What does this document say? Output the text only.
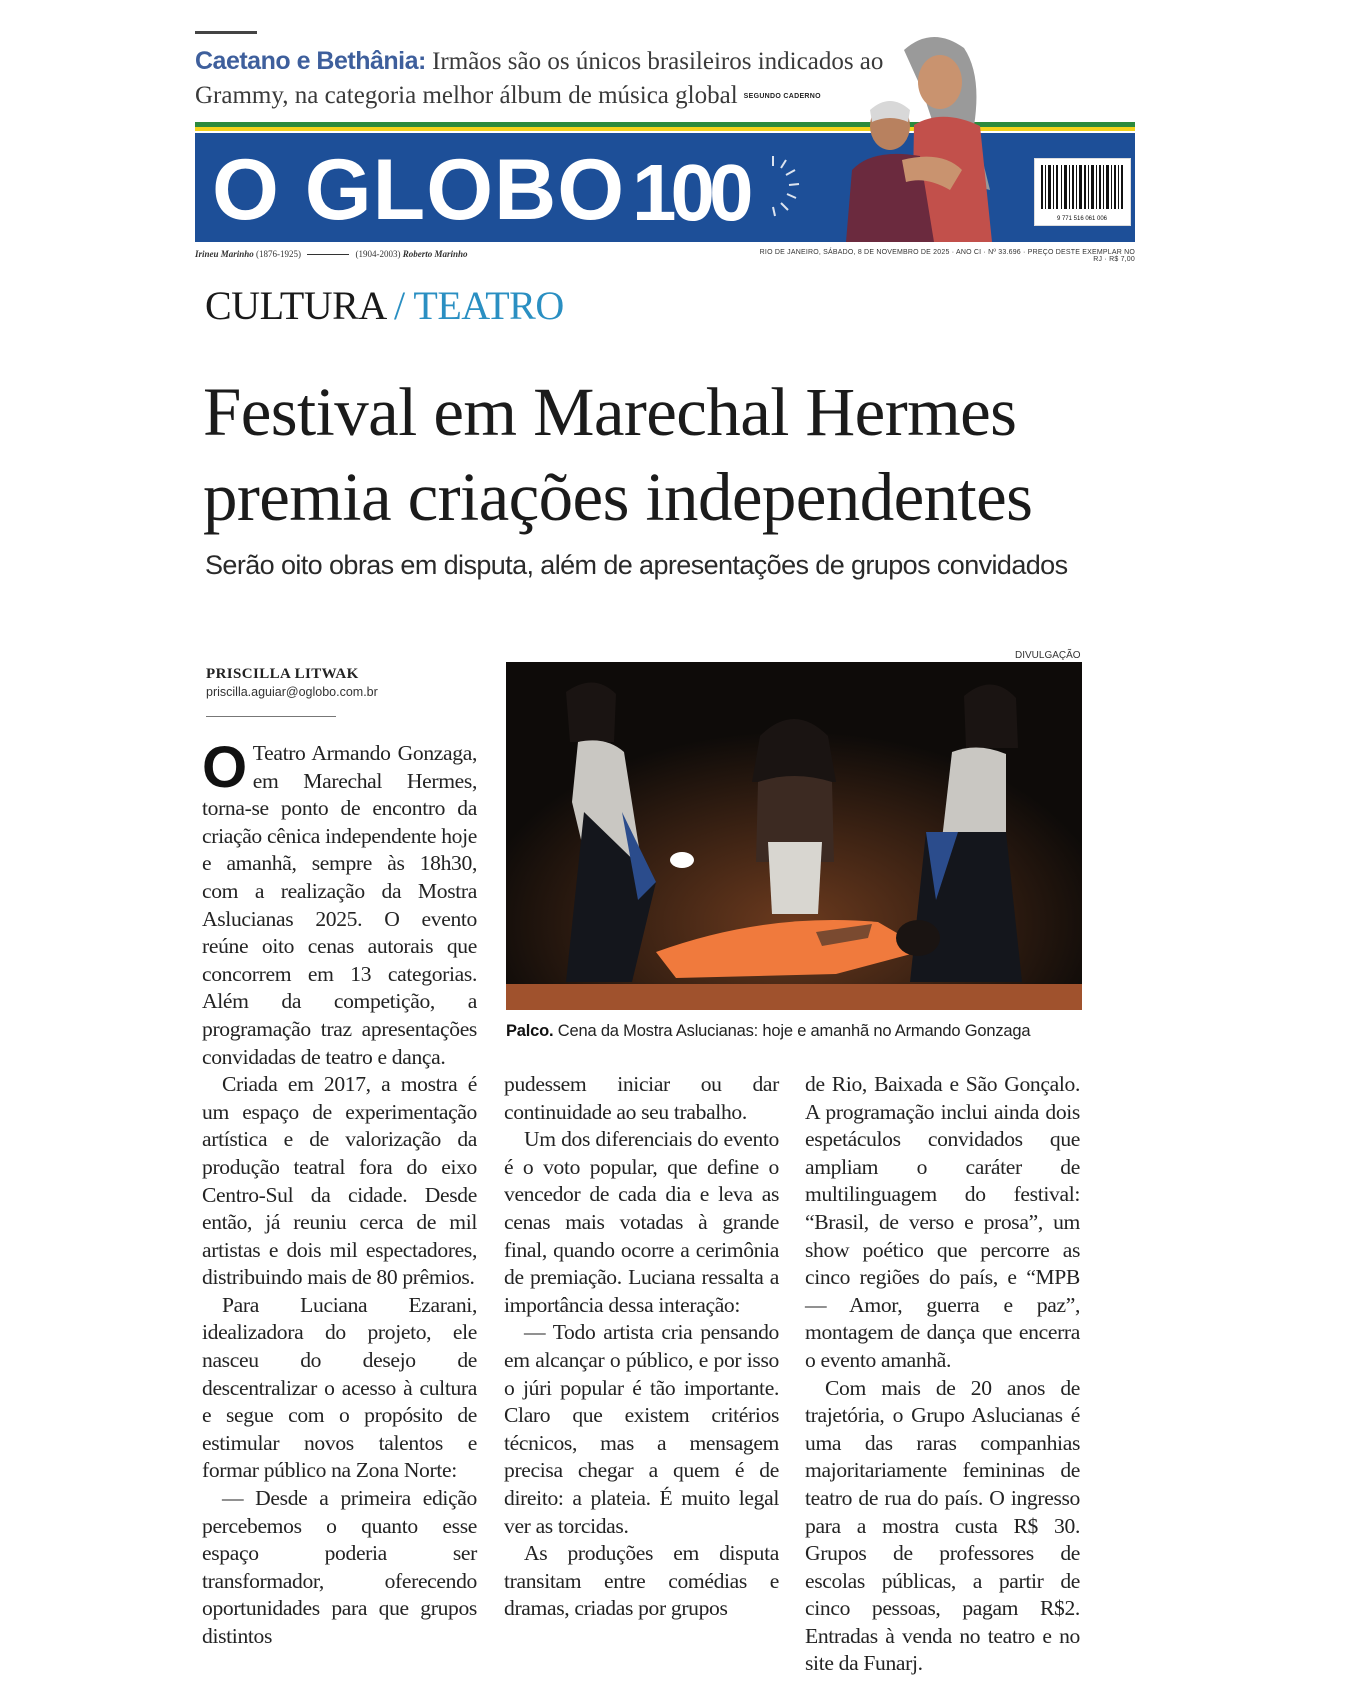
Caetano e Bethânia: Irmãos são os únicos brasileiros indicados ao Grammy, na categoria melhor álbum de música global SEGUNDO CADERNO
O GLOBO 100	9 771 516 061 006
Irineu Marinho (1876-1925)	(1904-2003) Roberto Marinho	RIO DE JANEIRO, SÁBADO, 8 DE NOVEMBRO DE 2025 · ANO CI · Nº 33.696 · PREÇO DESTE EXEMPLAR NO RJ · R$ 7,00
CULTURA / TEATRO
Festival em Marechal Hermes premia criações independentes
Serão oito obras em disputa, além de apresentações de grupos convidados
PRISCILLA LITWAK
priscilla.aguiar@oglobo.com.br
DIVULGAÇÃO
Palco. Cena da Mostra Aslucianas: hoje e amanhã no Armando Gonzaga

O Teatro Armando Gonzaga, em Marechal Hermes, torna-se ponto de encontro da criação cênica independente hoje e amanhã, sempre às 18h30, com a realização da Mostra Aslucianas 2025. O evento reúne oito cenas autorais que concorrem em 13 categorias. Além da competição, a programação traz apresentações convidadas de teatro e dança.

Criada em 2017, a mostra é um espaço de experimentação artística e de valorização da produção teatral fora do eixo Centro-Sul da cidade. Desde então, já reuniu cerca de mil artistas e dois mil espectadores, distribuindo mais de 80 prêmios.

Para Luciana Ezarani, idealizadora do projeto, ele nasceu do desejo de descentralizar o acesso à cultura e segue com o propósito de estimular novos talentos e formar público na Zona Norte:

— Desde a primeira edição percebemos o quanto esse espaço poderia ser transformador, oferecendo oportunidades para que grupos distintos

pudessem iniciar ou dar continuidade ao seu trabalho.

Um dos diferenciais do evento é o voto popular, que define o vencedor de cada dia e leva as cenas mais votadas à grande final, quando ocorre a cerimônia de premiação. Luciana ressalta a importância dessa interação:

— Todo artista cria pensando em alcançar o público, e por isso o júri popular é tão importante. Claro que existem critérios técnicos, mas a mensagem precisa chegar a quem é de direito: a plateia. É muito legal ver as torcidas.

As produções em disputa transitam entre comédias e dramas, criadas por grupos

de Rio, Baixada e São Gonçalo. A programação inclui ainda dois espetáculos convidados que ampliam o caráter de multilinguagem do festival: “Brasil, de verso e prosa”, um show poético que percorre as cinco regiões do país, e “MPB — Amor, guerra e paz”, montagem de dança que encerra o evento amanhã.

Com mais de 20 anos de trajetória, o Grupo Aslucianas é uma das raras companhias majoritariamente femininas de teatro de rua do país. O ingresso para a mostra custa R$ 30. Grupos de professores de escolas públicas, a partir de cinco pessoas, pagam R$2. Entradas à venda no teatro e no site da Funarj.
